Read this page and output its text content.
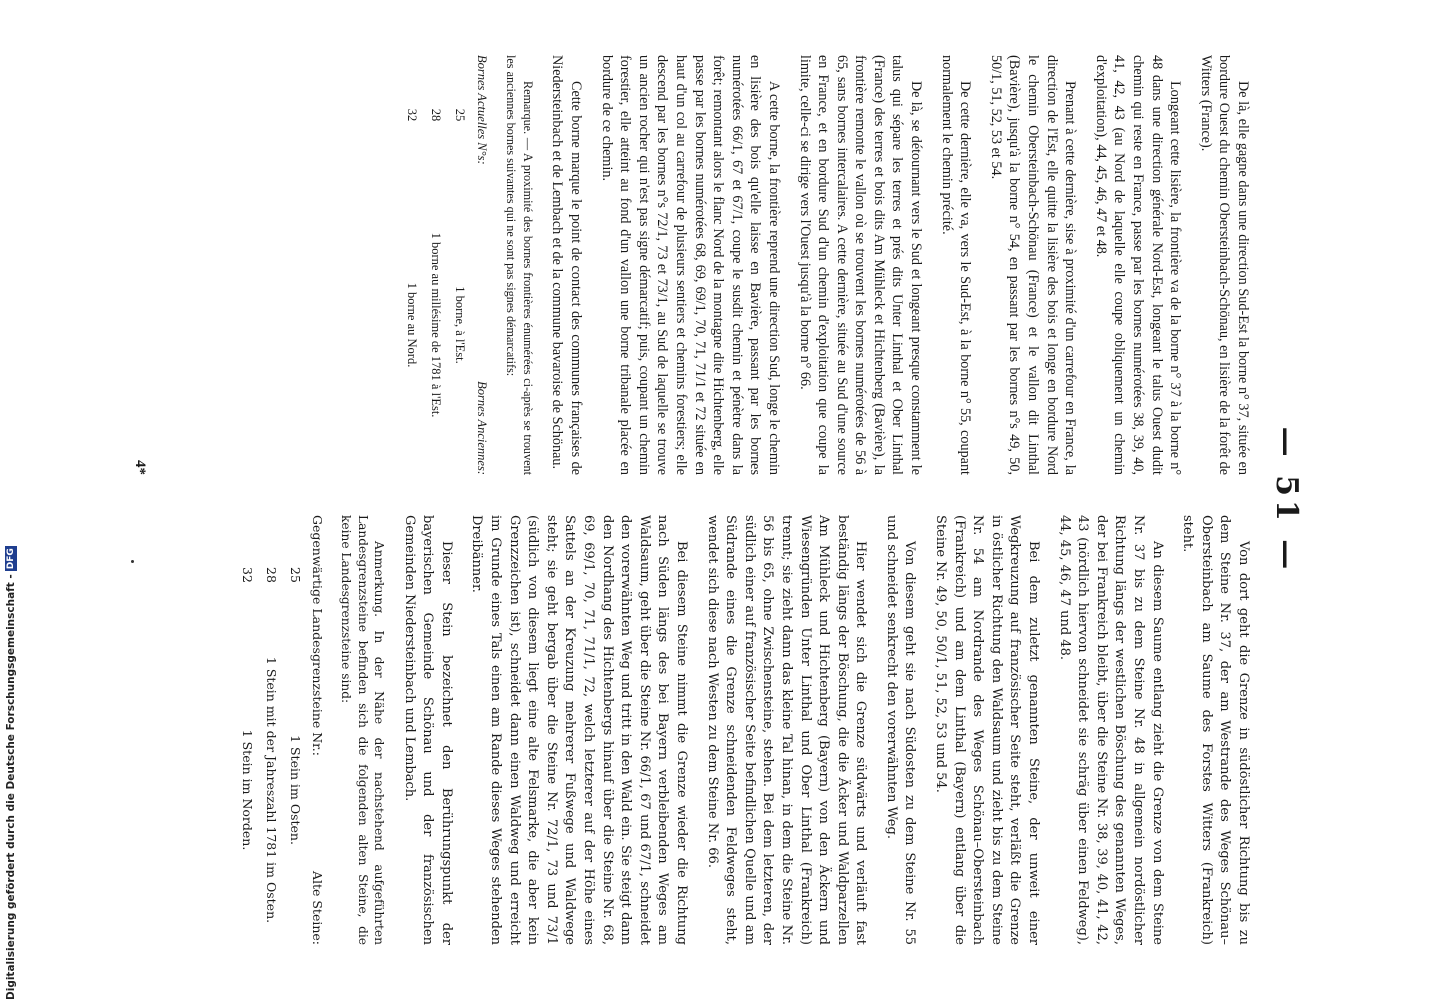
— 51 —

De là, elle gagne dans une direction Sud-Est la borne n° 37, située en bordure Ouest du chemin Obersteinbach-Schönau, en lisière de la forêt de Witters (France).

Longeant cette lisière, la frontière va de la borne n° 37 à la borne n° 48 dans une direction générale Nord-Est, longeant le talus Ouest dudit chemin qui reste en France, passe par les bornes numérotées 38, 39, 40, 41, 42, 43 (au Nord de laquelle elle coupe obliquement un chemin d'exploitation), 44, 45, 46, 47 et 48.

Prenant à cette dernière, sise à proximité d'un carrefour en France, la direction de l'Est, elle quitte la lisière des bois et longe en bordure Nord le chemin Obersteinbach-Schönau (France) et le vallon dit Linthal (Bavière), jusqu'à la borne n° 54, en passant par les bornes n°s 49, 50, 50/1, 51, 52, 53 et 54.

De cette dernière, elle va, vers le Sud-Est, à la borne n° 55, coupant normalement le chemin précité.

De là, se détournant vers le Sud et longeant presque constamment le talus qui sépare les terres et prés dits Unter Linthal et Ober Linthal (France) des terres et bois dits Am Mühleck et Hichtenberg (Bavière), la frontière remonte le vallon où se trouvent les bornes numérotées de 56 à 65, sans bornes intercalaires. A cette dernière, située au Sud d'une source en France, et en bordure Sud d'un chemin d'exploitation que coupe la limite, celle-ci se dirige vers l'Ouest jusqu'à la borne n° 66.

A cette borne, la frontière reprend une direction Sud, longe le chemin en lisière des bois qu'elle laisse en Bavière, passant par les bornes numérotées 66/1, 67 et 67/1, coupe le susdit chemin et pénètre dans la forêt; remontant alors le flanc Nord de la montagne dite Hichtenberg, elle passe par les bornes numérotées 68, 69, 69/1, 70, 71, 71/1 et 72 située en haut d'un col au carrefour de plusieurs sentiers et chemins forestiers; elle descend par les bornes n°s 72/1, 73 et 73/1, au Sud de laquelle se trouve un ancien rocher qui n'est pas signe démarcatif; puis, coupant un chemin forestier, elle atteint au fond d'un vallon une borne tribanale placée en bordure de ce chemin.

Cette borne marque le point de contact des communes françaises de Niedersteinbach et de Lembach et de la commune bavaroise de Schönau.

Remarque. — A proximité des bornes frontières énumérées ci-après se trouvent les anciennes bornes suivantes qui ne sont pas signes démarcatifs:

Bornes Actuelles N°s:
Bornes Anciennes:
25
1 borne, à l'Est.
28
1 borne au millésime de 1781 à l'Est.
32
1 borne au Nord.
4*

Von dort geht die Grenze in südöstlicher Richtung bis zu dem Steine Nr. 37, der am Westrande des Weges Schönau–Obersteinbach am Saume des Forstes Witters (Frankreich) steht.

An diesem Saume entlang zieht die Grenze von dem Steine Nr. 37 bis zu dem Steine Nr. 48 in allgemein nordöstlicher Richtung längs der westlichen Böschung des genannten Weges, der bei Frankreich bleibt, über die Steine Nr. 38, 39, 40, 41, 42, 43 (nördlich hiervon schneidet sie schräg über einen Feldweg), 44, 45, 46, 47 und 48.

Bei dem zuletzt genannten Steine, der unweit einer Wegkreuzung auf französischer Seite steht, verläßt die Grenze in östlicher Richtung den Waldsaum und zieht bis zu dem Steine Nr. 54 am Nordrande des Weges Schönau–Obersteinbach (Frankreich) und am dem Linthal (Bayern) entlang über die Steine Nr. 49, 50, 50/1, 51, 52, 53 und 54.

Von diesem geht sie nach Südosten zu dem Steine Nr. 55 und schneidet senkrecht den vorerwähnten Weg.

Hier wendet sich die Grenze südwärts und verläuft fast beständig längs der Böschung, die die Äcker und Waldparzellen Am Mühleck und Hichtenberg (Bayern) von den Äckern und Wiesengründen Unter Linthal und Ober Linthal (Frankreich) trennt; sie zieht dann das kleine Tal hinan, in dem die Steine Nr. 56 bis 65, ohne Zwischensteine, stehen. Bei dem letzteren, der südlich einer auf französischer Seite befindlichen Quelle und am Südrande eines die Grenze schneidenden Feldweges steht, wendet sich diese nach Westen zu dem Steine Nr. 66.

Bei diesem Steine nimmt die Grenze wieder die Richtung nach Süden längs des bei Bayern verbleibenden Weges am Waldsaum, geht über die Steine Nr. 66/1, 67 und 67/1, schneidet den vorerwähnten Weg und tritt in den Wald ein. Sie steigt dann den Nordhang des Hichtenbergs hinauf über die Steine Nr. 68, 69, 69/1, 70, 71, 71/1, 72, welch letzterer auf der Höhe eines Sattels an der Kreuzung mehrerer Fußwege und Waldwege steht; sie geht bergab über die Steine Nr. 72/1, 73 und 73/1 (südlich von diesem liegt eine alte Felsmarke, die aber kein Grenzzeichen ist), schneidet dann einen Waldweg und erreicht im Grunde eines Tals einen am Rande dieses Weges stehenden Dreibänner.

Dieser Stein bezeichnet den Berührungspunkt der bayerischen Gemeinde Schönau und der französischen Gemeinden Niedersteinbach und Lembach.

Anmerkung. In der Nähe der nachstehend aufgeführten Landesgrenzsteine befinden sich die folgenden alten Steine, die keine Landesgrenzsteine sind:

Gegenwärtige Landesgrenzsteine Nr.:
Alte Steine:
25
1 Stein im Osten.
28
1 Stein mit der Jahreszahl 1781 im Osten.
32
1 Stein im Norden.
Digitalisierung gefördert durch die Deutsche Forschungsgemeinschaft -
DFG
